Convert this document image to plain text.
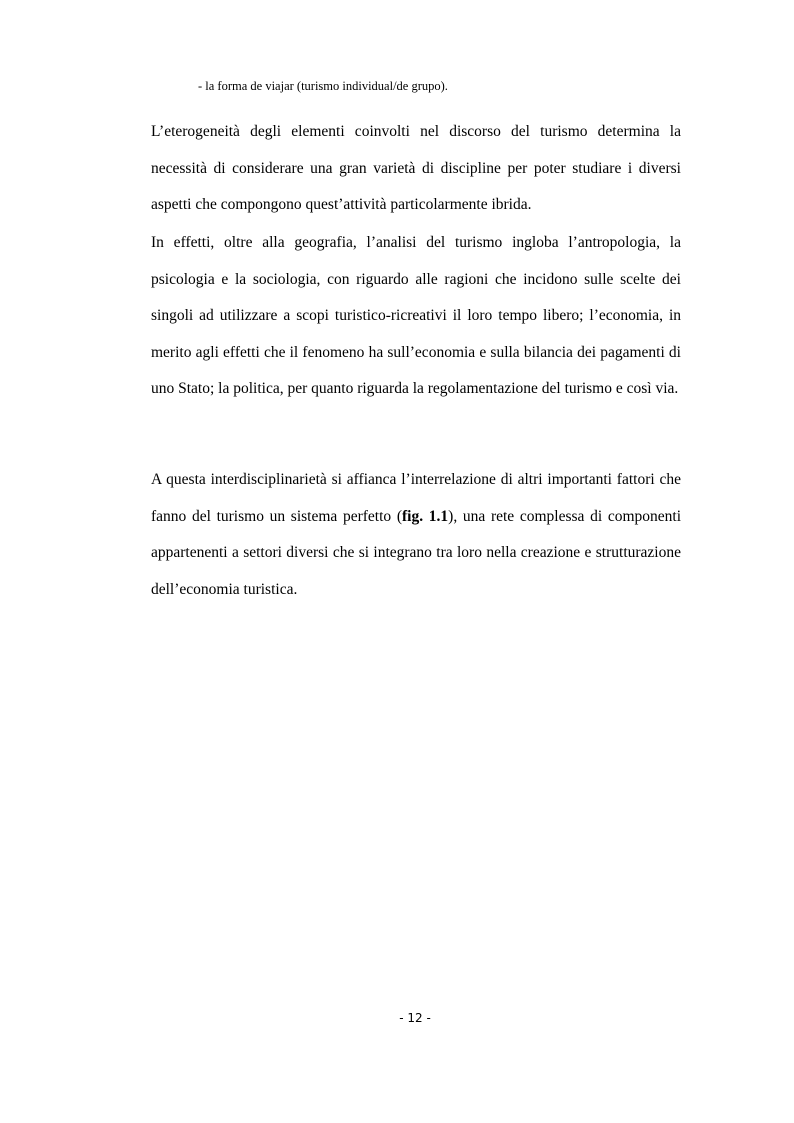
- la forma de viajar (turismo individual/de grupo).

L’eterogeneità degli elementi coinvolti nel discorso del turismo determina la necessità di considerare una gran varietà di discipline per poter studiare i diversi aspetti che compongono quest’attività particolarmente ibrida.

In effetti, oltre alla geografia, l’analisi del turismo ingloba l’antropologia, la psicologia e la sociologia, con riguardo alle ragioni che incidono sulle scelte dei singoli ad utilizzare a scopi turistico-ricreativi il loro tempo libero; l’economia, in merito agli effetti che il fenomeno ha sull’economia e sulla bilancia dei pagamenti di uno Stato; la politica, per quanto riguarda la regolamentazione del turismo e così via.

A questa interdisciplinarietà si affianca l’interrelazione di altri importanti fattori che fanno del turismo un sistema perfetto (fig. 1.1), una rete complessa di componenti appartenenti a settori diversi che si integrano tra loro nella creazione e strutturazione dell’economia turistica.

- 12 -
